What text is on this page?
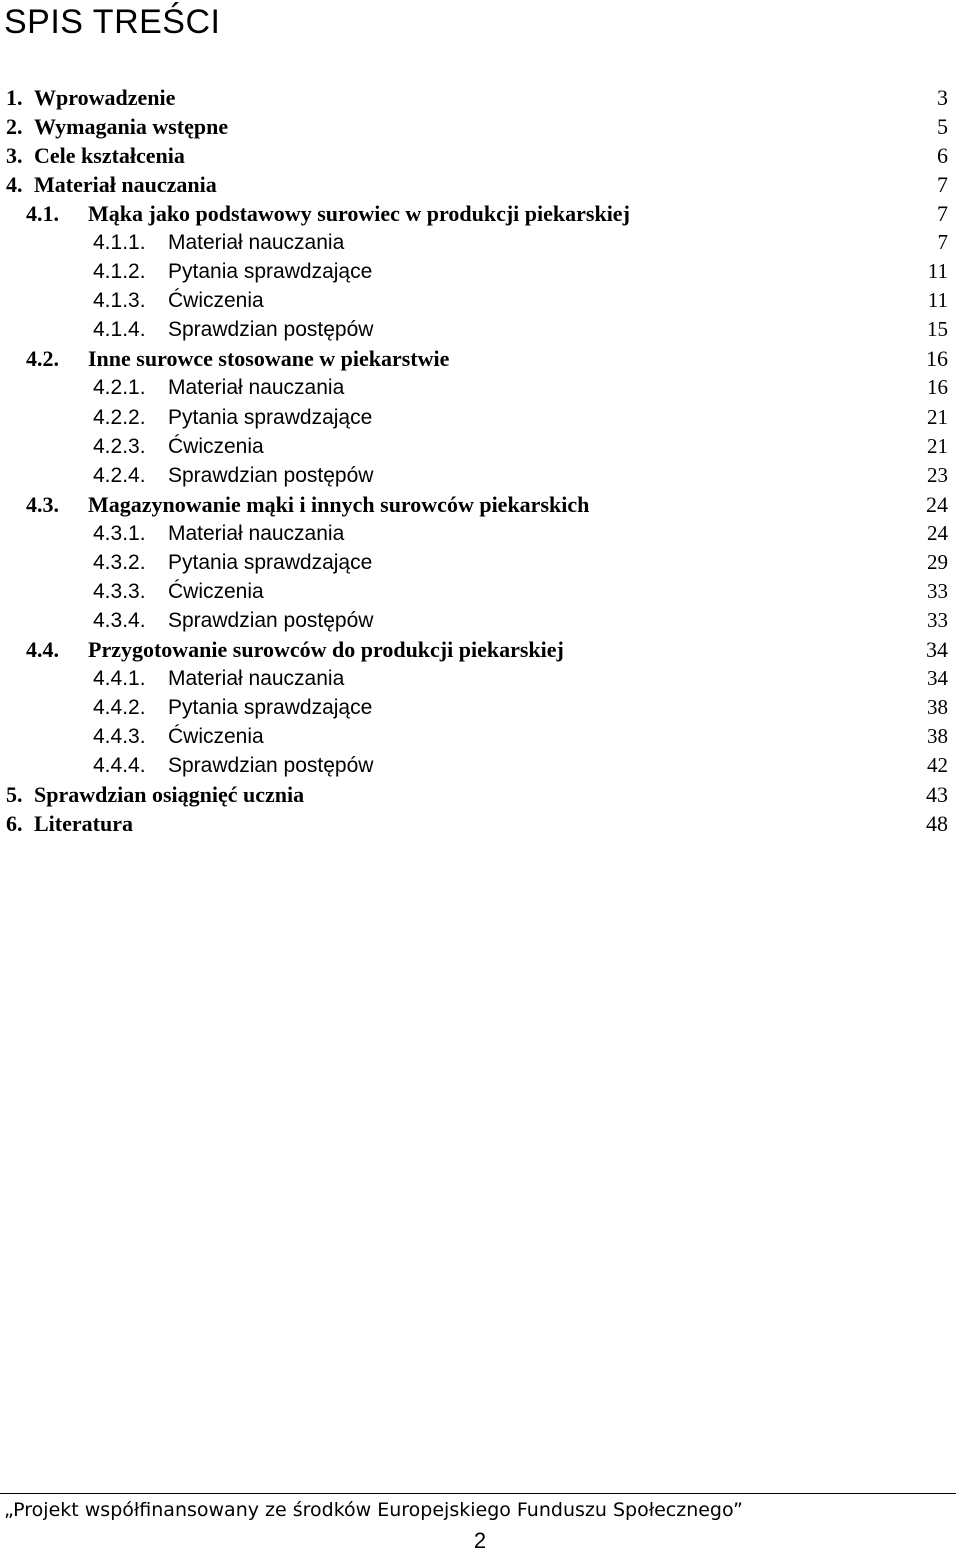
SPIS TREŚCI
1. Wprowadzenie	3
2. Wymagania wstępne	5
3. Cele kształcenia	6
4. Materiał nauczania	7
4.1. Mąka jako podstawowy surowiec w produkcji piekarskiej	7
4.1.1. Materiał nauczania	7
4.1.2. Pytania sprawdzające	11
4.1.3. Ćwiczenia	11
4.1.4. Sprawdzian postępów	15
4.2. Inne surowce stosowane w piekarstwie	16
4.2.1. Materiał nauczania	16
4.2.2. Pytania sprawdzające	21
4.2.3. Ćwiczenia	21
4.2.4. Sprawdzian postępów	23
4.3. Magazynowanie mąki i innych surowców piekarskich	24
4.3.1. Materiał nauczania	24
4.3.2. Pytania sprawdzające	29
4.3.3. Ćwiczenia	33
4.3.4. Sprawdzian postępów	33
4.4. Przygotowanie surowców do produkcji piekarskiej	34
4.4.1. Materiał nauczania	34
4.4.2. Pytania sprawdzające	38
4.4.3. Ćwiczenia	38
4.4.4. Sprawdzian postępów	42
5. Sprawdzian osiągnięć ucznia	43
6. Literatura	48
„Projekt współfinansowany ze środków Europejskiego Funduszu Społecznego”
2
